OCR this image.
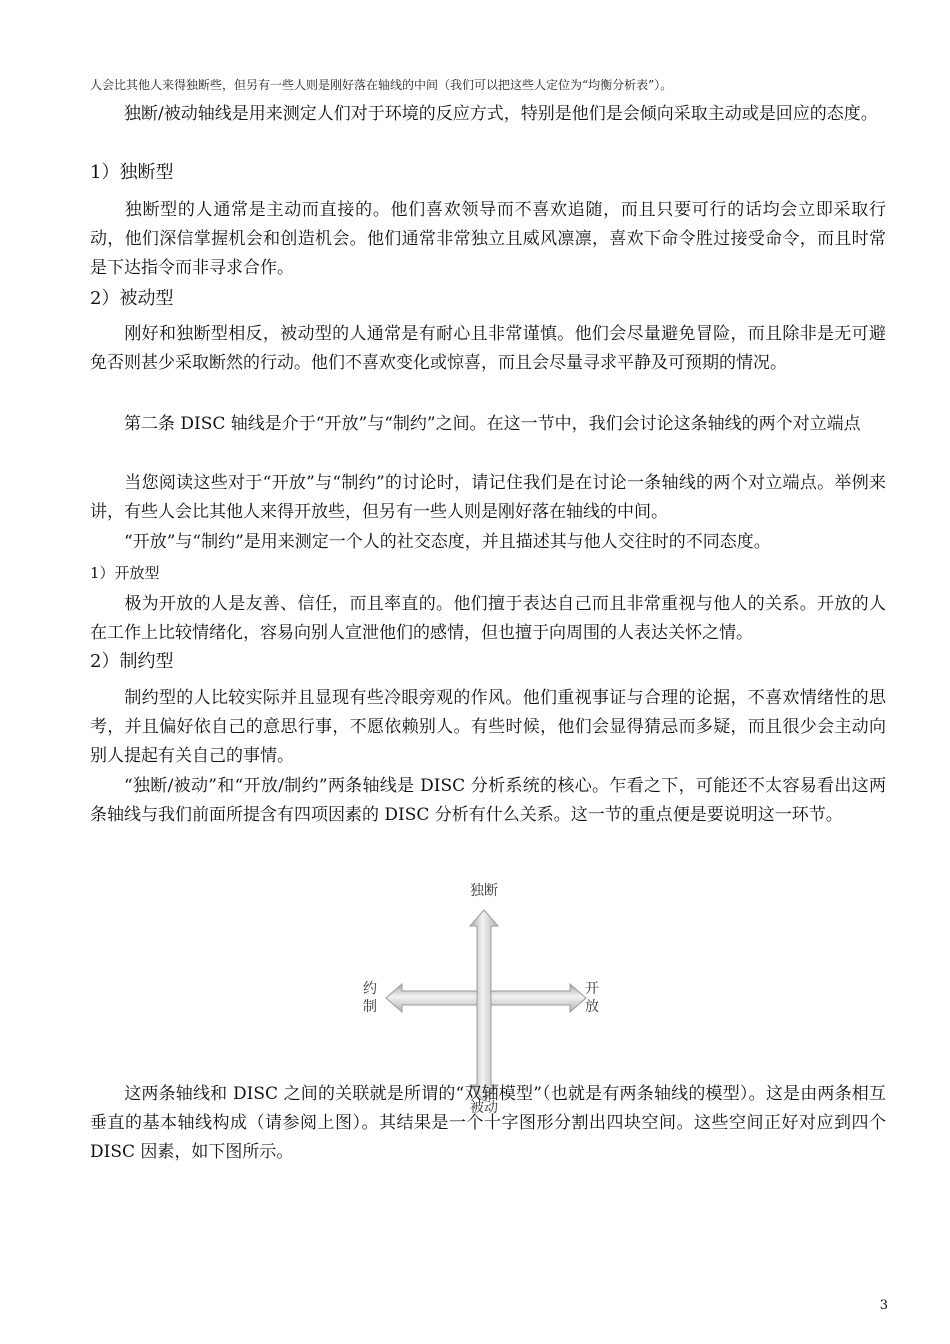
人会比其他人来得独断些，但另有一些人则是刚好落在轴线的中间（我们可以把这些人定位为“均衡分析表”）。
独断/被动轴线是用来测定人们对于环境的反应方式，特别是他们是会倾向采取主动或是回应的态度。
1）独断型
独断型的人通常是主动而直接的。他们喜欢领导而不喜欢追随，而且只要可行的话均会立即采取行动，他们深信掌握机会和创造机会。他们通常非常独立且威风凛凛，喜欢下命令胜过接受命令，而且时常是下达指令而非寻求合作。
2）被动型
刚好和独断型相反，被动型的人通常是有耐心且非常谨慎。他们会尽量避免冒险，而且除非是无可避免否则甚少采取断然的行动。他们不喜欢变化或惊喜，而且会尽量寻求平静及可预期的情况。
第二条 DISC 轴线是介于“开放”与“制约”之间。在这一节中，我们会讨论这条轴线的两个对立端点
当您阅读这些对于“开放”与“制约”的讨论时，请记住我们是在讨论一条轴线的两个对立端点。举例来讲，有些人会比其他人来得开放些，但另有一些人则是刚好落在轴线的中间。
“开放”与“制约”是用来测定一个人的社交态度，并且描述其与他人交往时的不同态度。
1）开放型
极为开放的人是友善、信任，而且率直的。他们擅于表达自己而且非常重视与他人的关系。开放的人在工作上比较情绪化，容易向别人宣泄他们的感情，但也擅于向周围的人表达关怀之情。
2）制约型
制约型的人比较实际并且显现有些冷眼旁观的作风。他们重视事证与合理的论据，不喜欢情绪性的思考，并且偏好依自己的意思行事，不愿依赖别人。有些时候，他们会显得猜忌而多疑，而且很少会主动向别人提起有关自己的事情。
“独断/被动”和“开放/制约”两条轴线是 DISC 分析系统的核心。乍看之下，可能还不太容易看出这两条轴线与我们前面所提含有四项因素的 DISC 分析有什么关系。这一节的重点便是要说明这一环节。
独断
约
制
开
放
被动
这两条轴线和 DISC 之间的关联就是所谓的“双轴模型”（也就是有两条轴线的模型）。这是由两条相互垂直的基本轴线构成（请参阅上图）。其结果是一个十字图形分割出四块空间。这些空间正好对应到四个 DISC 因素，如下图所示。
3
